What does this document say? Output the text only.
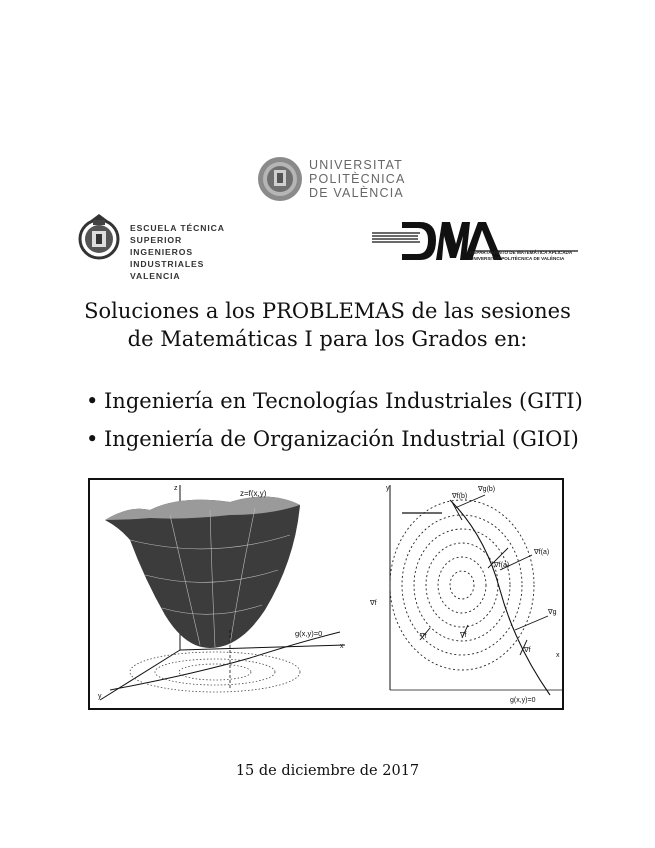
UNIVERSITAT
POLITÈCNICA
DE VALÈNCIA
ESCUELA TÉCNICA
SUPERIOR INGENIEROS
INDUSTRIALES VALENCIA
DEPARTAMENTO DE MATEMÁTICA APLICADA
UNIVERSITAT POLITÈCNICA DE VALÈNCIA
Soluciones a los PROBLEMAS de las sesiones
de Matemáticas I para los Grados en:
• Ingeniería en Tecnologías Industriales (GITI)
• Ingeniería de Organización Industrial (GIOI)
z=f(x,y)
g(x,y)=0
z
x
y
∇g(b)
∇f(b)
∇f(a)
∇f(a)
∇g
∇f
∇f	∇f
∇f
y
x
g(x,y)=0
15 de diciembre de 2017
